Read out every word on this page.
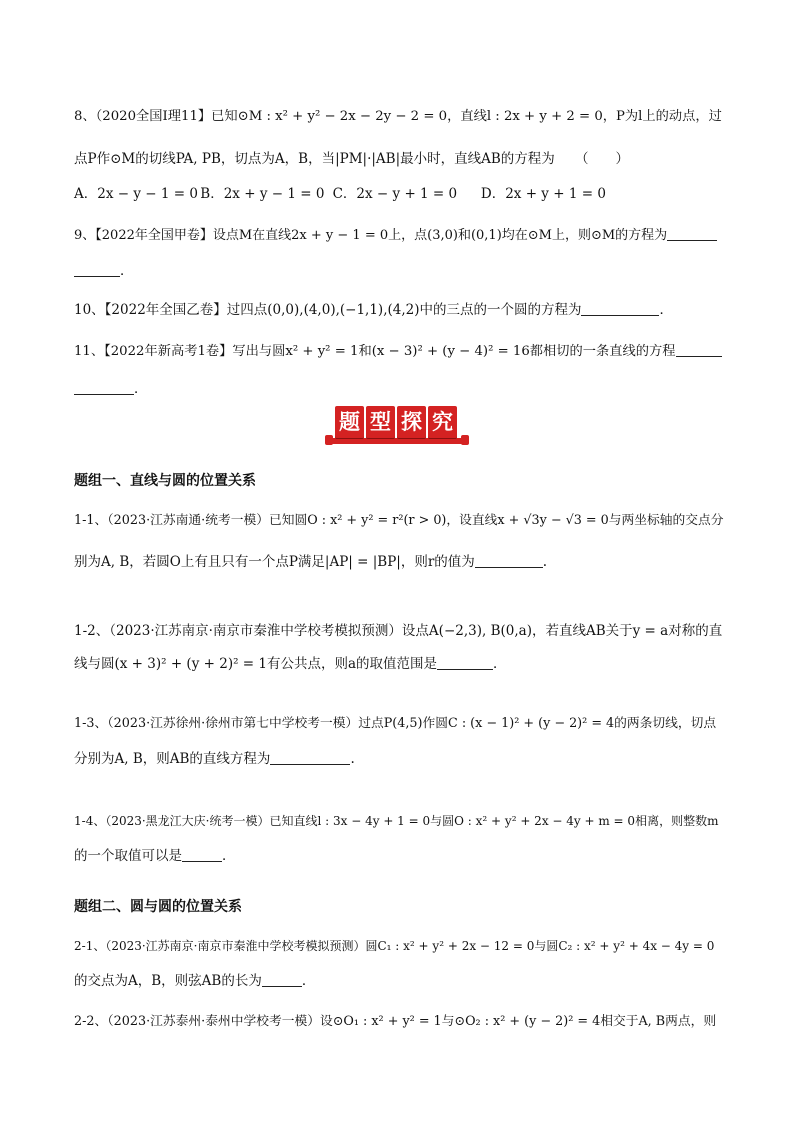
8、（2020全国Ⅰ理11】已知⊙M : x² + y² − 2x − 2y − 2 = 0，直线l : 2x + y + 2 = 0，P为l上的动点，过
点P作⊙M的切线PA, PB，切点为A，B，当|PM|·|AB|最小时，直线AB的方程为　　（　　）
A．2x − y − 1 = 0 B．2x + y − 1 = 0 C．2x − y + 1 = 0 D．2x + y + 1 = 0
9、【2022年全国甲卷】设点M在直线2x + y − 1 = 0上，点(3,0)和(0,1)均在⊙M上，则⊙M的方程为
．
10、【2022年全国乙卷】过四点(0,0),(4,0),(−1,1),(4,2)中的三点的一个圆的方程为	．
11、【2022年新高考1卷】写出与圆x² + y² = 1和(x − 3)² + (y − 4)² = 16都相切的一条直线的方程
．
题 型 探 究
题组一、直线与圆的位置关系
1-1、（2023·江苏南通·统考一模）已知圆O : x² + y² = r²(r > 0)，设直线x + √3y − √3 = 0与两坐标轴的交点分
别为A, B，若圆O上有且只有一个点P满足|AP| = |BP|，则r的值为	.
1-2、（2023·江苏南京·南京市秦淮中学校考模拟预测）设点A(−2,3), B(0,a)，若直线AB关于y = a对称的直
线与圆(x + 3)² + (y + 2)² = 1有公共点，则a的取值范围是	．
1-3、（2023·江苏徐州·徐州市第七中学校考一模）过点P(4,5)作圆C : (x − 1)² + (y − 2)² = 4的两条切线，切点
分别为A, B，则AB的直线方程为	.
1-4、（2023·黑龙江大庆·统考一模）已知直线l : 3x − 4y + 1 = 0与圆O : x² + y² + 2x − 4y + m = 0相离，则整数m
的一个取值可以是	．
题组二、圆与圆的位置关系
2-1、（2023·江苏南京·南京市秦淮中学校考模拟预测）圆C₁ : x² + y² + 2x − 12 = 0与圆C₂ : x² + y² + 4x − 4y = 0
的交点为A，B，则弦AB的长为	．
2-2、（2023·江苏泰州·泰州中学校考一模）设⊙O₁ : x² + y² = 1与⊙O₂ : x² + (y − 2)² = 4相交于A, B两点，则
